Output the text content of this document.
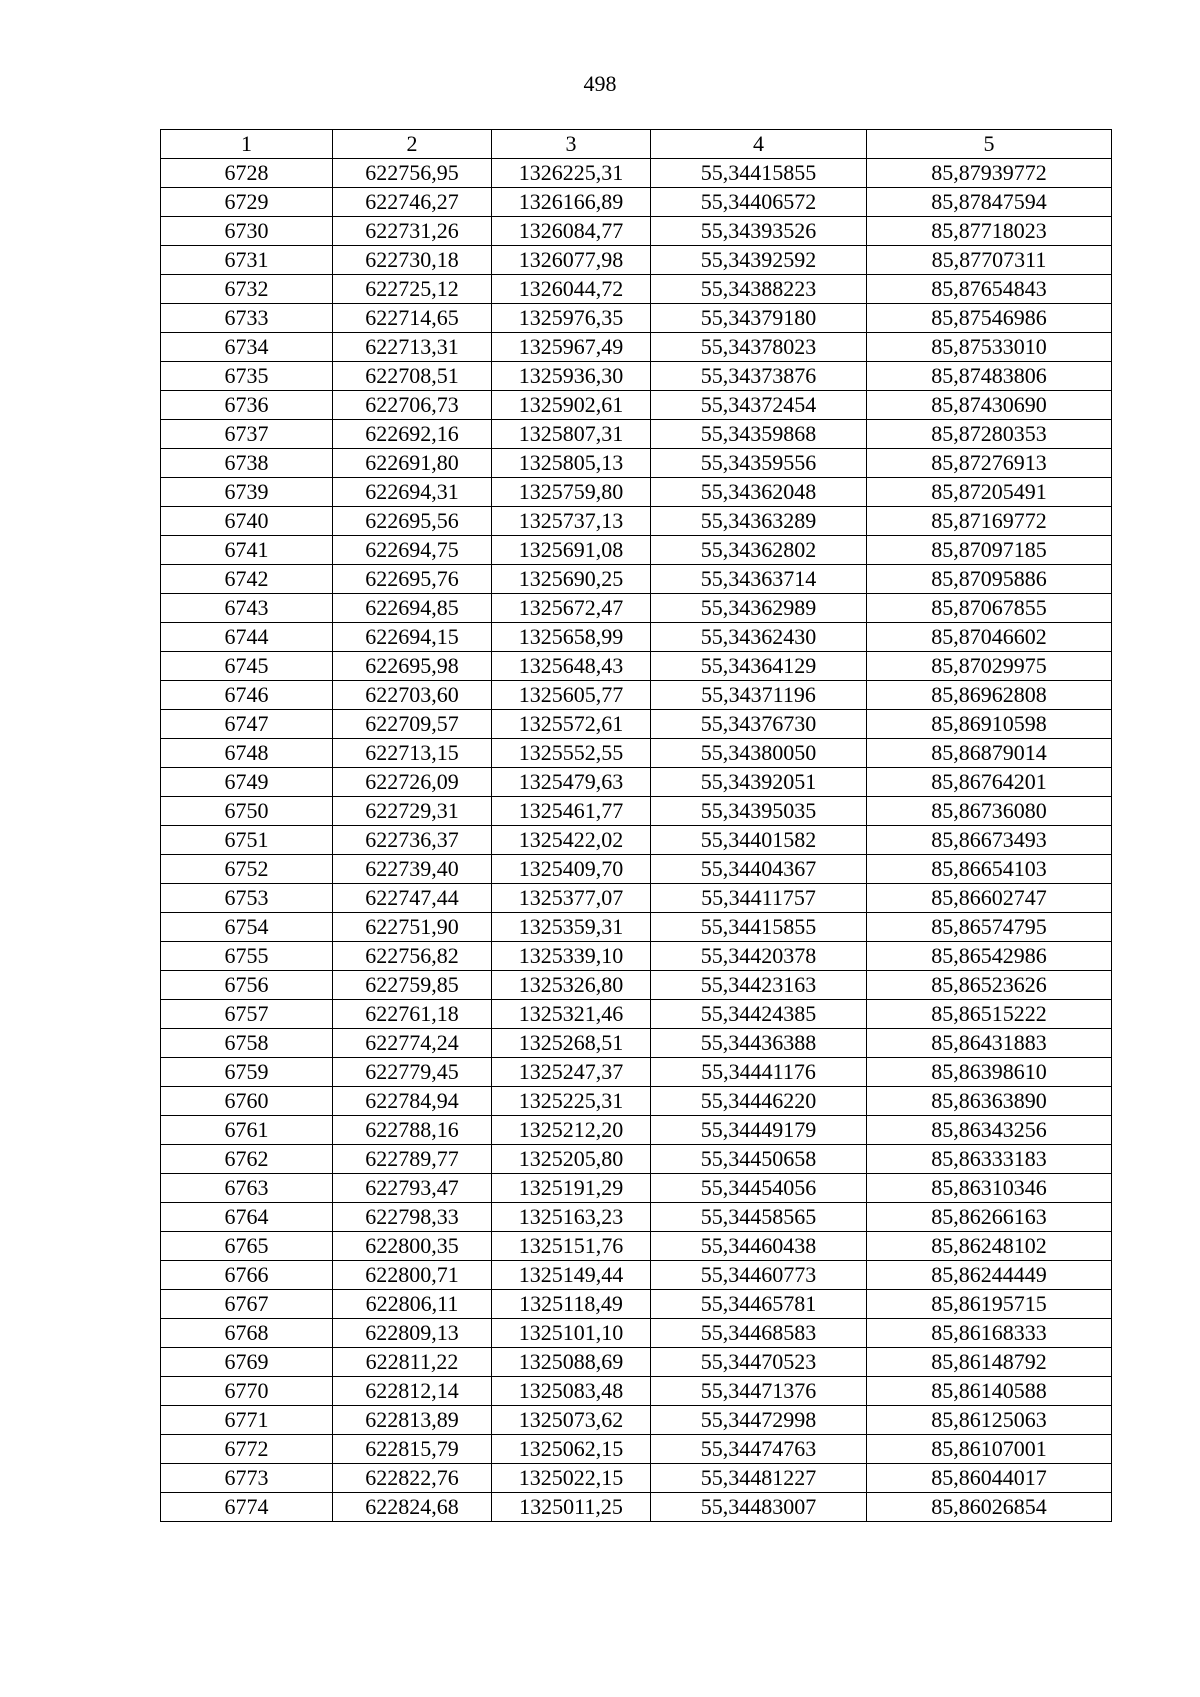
498
1	2	3	4	5
6728	622756,95	1326225,31	55,34415855	85,87939772
6729	622746,27	1326166,89	55,34406572	85,87847594
6730	622731,26	1326084,77	55,34393526	85,87718023
6731	622730,18	1326077,98	55,34392592	85,87707311
6732	622725,12	1326044,72	55,34388223	85,87654843
6733	622714,65	1325976,35	55,34379180	85,87546986
6734	622713,31	1325967,49	55,34378023	85,87533010
6735	622708,51	1325936,30	55,34373876	85,87483806
6736	622706,73	1325902,61	55,34372454	85,87430690
6737	622692,16	1325807,31	55,34359868	85,87280353
6738	622691,80	1325805,13	55,34359556	85,87276913
6739	622694,31	1325759,80	55,34362048	85,87205491
6740	622695,56	1325737,13	55,34363289	85,87169772
6741	622694,75	1325691,08	55,34362802	85,87097185
6742	622695,76	1325690,25	55,34363714	85,87095886
6743	622694,85	1325672,47	55,34362989	85,87067855
6744	622694,15	1325658,99	55,34362430	85,87046602
6745	622695,98	1325648,43	55,34364129	85,87029975
6746	622703,60	1325605,77	55,34371196	85,86962808
6747	622709,57	1325572,61	55,34376730	85,86910598
6748	622713,15	1325552,55	55,34380050	85,86879014
6749	622726,09	1325479,63	55,34392051	85,86764201
6750	622729,31	1325461,77	55,34395035	85,86736080
6751	622736,37	1325422,02	55,34401582	85,86673493
6752	622739,40	1325409,70	55,34404367	85,86654103
6753	622747,44	1325377,07	55,34411757	85,86602747
6754	622751,90	1325359,31	55,34415855	85,86574795
6755	622756,82	1325339,10	55,34420378	85,86542986
6756	622759,85	1325326,80	55,34423163	85,86523626
6757	622761,18	1325321,46	55,34424385	85,86515222
6758	622774,24	1325268,51	55,34436388	85,86431883
6759	622779,45	1325247,37	55,34441176	85,86398610
6760	622784,94	1325225,31	55,34446220	85,86363890
6761	622788,16	1325212,20	55,34449179	85,86343256
6762	622789,77	1325205,80	55,34450658	85,86333183
6763	622793,47	1325191,29	55,34454056	85,86310346
6764	622798,33	1325163,23	55,34458565	85,86266163
6765	622800,35	1325151,76	55,34460438	85,86248102
6766	622800,71	1325149,44	55,34460773	85,86244449
6767	622806,11	1325118,49	55,34465781	85,86195715
6768	622809,13	1325101,10	55,34468583	85,86168333
6769	622811,22	1325088,69	55,34470523	85,86148792
6770	622812,14	1325083,48	55,34471376	85,86140588
6771	622813,89	1325073,62	55,34472998	85,86125063
6772	622815,79	1325062,15	55,34474763	85,86107001
6773	622822,76	1325022,15	55,34481227	85,86044017
6774	622824,68	1325011,25	55,34483007	85,86026854
